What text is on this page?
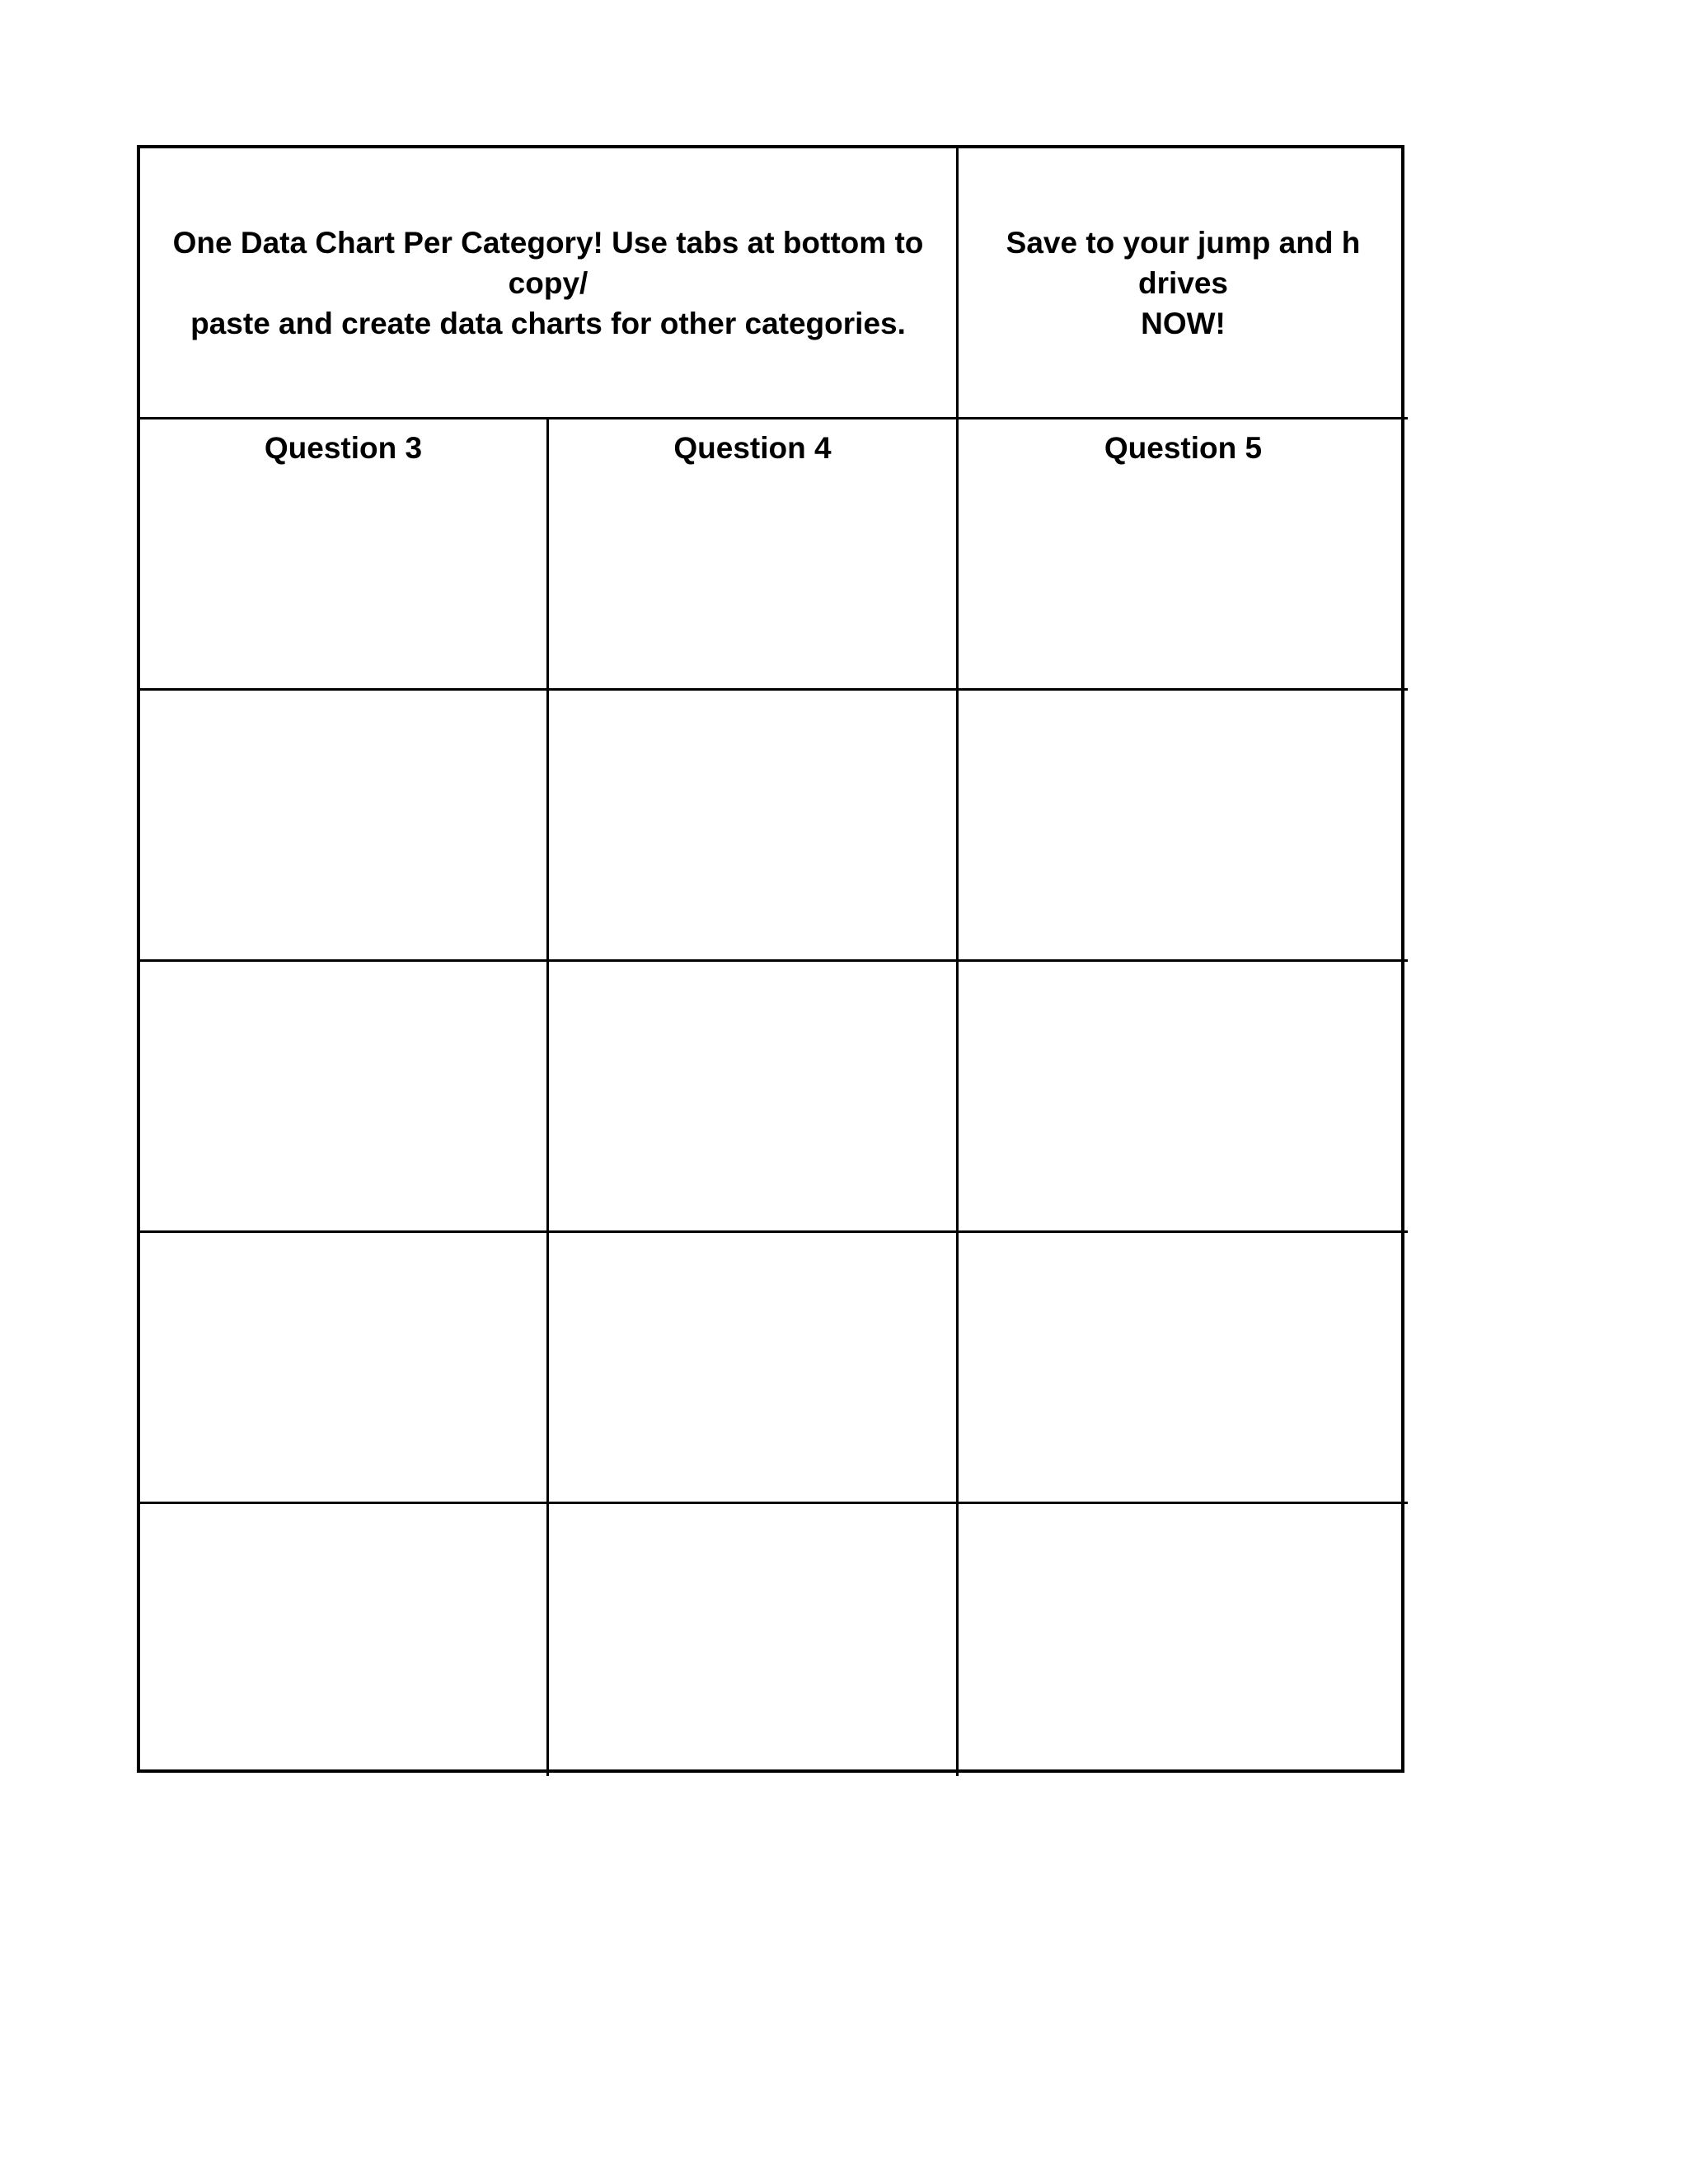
One Data Chart Per Category! Use tabs at bottom to copy/
paste and create data charts for other categories.
Save to your jump and h drives
NOW!
Question 3	Question 4	Question 5
